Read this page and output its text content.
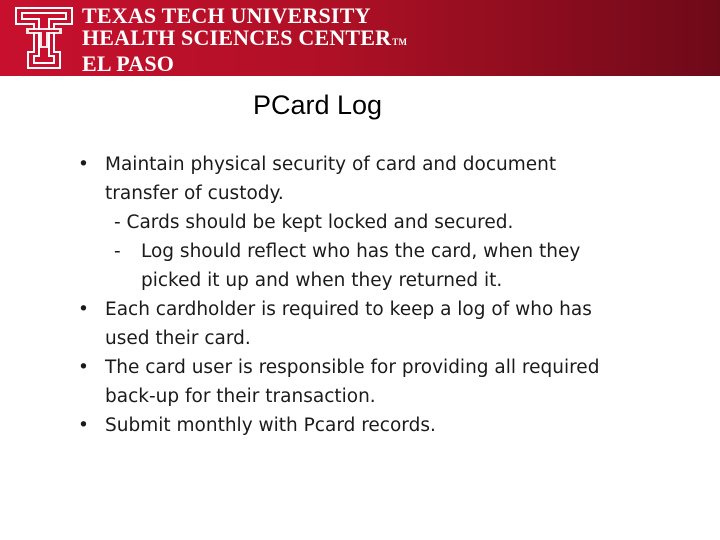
TEXAS TECH UNIVERSITY
HEALTH SCIENCES CENTERTM
EL PASO
PCard Log
• Maintain physical security of card and document transfer of custody.
- Cards should be kept locked and secured.
- Log should reflect who has the card, when they picked it up and when they returned it.
• Each cardholder is required to keep a log of who has used their card.
• The card user is responsible for providing all required back-up for their transaction.
• Submit monthly with Pcard records.
